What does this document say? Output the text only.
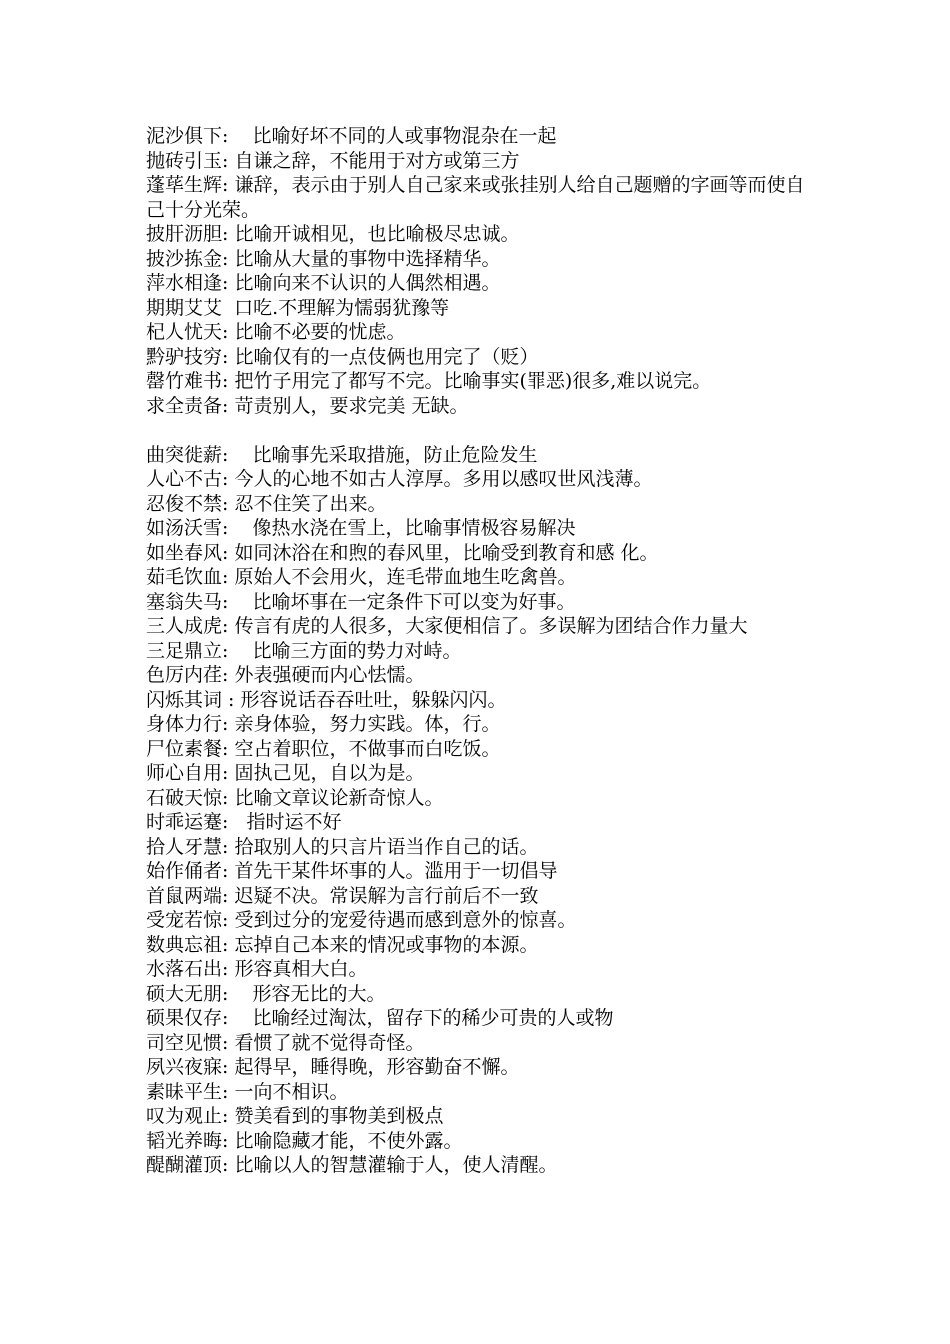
泥沙俱下:    比喻好坏不同的人或事物混杂在一起

抛砖引玉: 自谦之辞，不能用于对方或第三方

蓬荜生辉: 谦辞，表示由于别人自己家来或张挂别人给自己题赠的字画等而使自己十分光荣。

披肝沥胆: 比喻开诚相见，也比喻极尽忠诚。

披沙拣金: 比喻从大量的事物中选择精华。

萍水相逢: 比喻向来不认识的人偶然相遇。

期期艾艾  口吃.不理解为懦弱犹豫等

杞人忧天: 比喻不必要的忧虑。

黔驴技穷: 比喻仅有的一点伎俩也用完了（贬）

罄竹难书: 把竹子用完了都写不完。比喻事实(罪恶)很多,难以说完。

求全责备: 苛责别人，要求完美 无缺。

曲突徙薪:    比喻事先采取措施，防止危险发生

人心不古: 今人的心地不如古人淳厚。多用以感叹世风浅薄。

忍俊不禁: 忍不住笑了出来。

如汤沃雪:    像热水浇在雪上，比喻事情极容易解决

如坐春风: 如同沐浴在和煦的春风里，比喻受到教育和感 化。

茹毛饮血: 原始人不会用火，连毛带血地生吃禽兽。

塞翁失马:    比喻坏事在一定条件下可以变为好事。

三人成虎: 传言有虎的人很多，大家便相信了。多误解为团结合作力量大

三足鼎立:    比喻三方面的势力对峙。

色厉内荏: 外表强硬而内心怯懦。

闪烁其词 : 形容说话吞吞吐吐，躲躲闪闪。

身体力行: 亲身体验，努力实践。体，行。

尸位素餐: 空占着职位，不做事而白吃饭。

师心自用: 固执己见，自以为是。

石破天惊: 比喻文章议论新奇惊人。

时乖运蹇:   指时运不好

拾人牙慧: 拾取别人的只言片语当作自己的话。

始作俑者: 首先干某件坏事的人。滥用于一切倡导

首鼠两端: 迟疑不决。常误解为言行前后不一致

受宠若惊: 受到过分的宠爱待遇而感到意外的惊喜。

数典忘祖: 忘掉自己本来的情况或事物的本源。

水落石出: 形容真相大白。

硕大无朋:    形容无比的大。

硕果仅存:    比喻经过淘汰，留存下的稀少可贵的人或物

司空见惯: 看惯了就不觉得奇怪。

夙兴夜寐: 起得早，睡得晚，形容勤奋不懈。

素昧平生: 一向不相识。

叹为观止: 赞美看到的事物美到极点

韬光养晦: 比喻隐藏才能，不使外露。

醍醐灌顶: 比喻以人的智慧灌输于人，使人清醒。
